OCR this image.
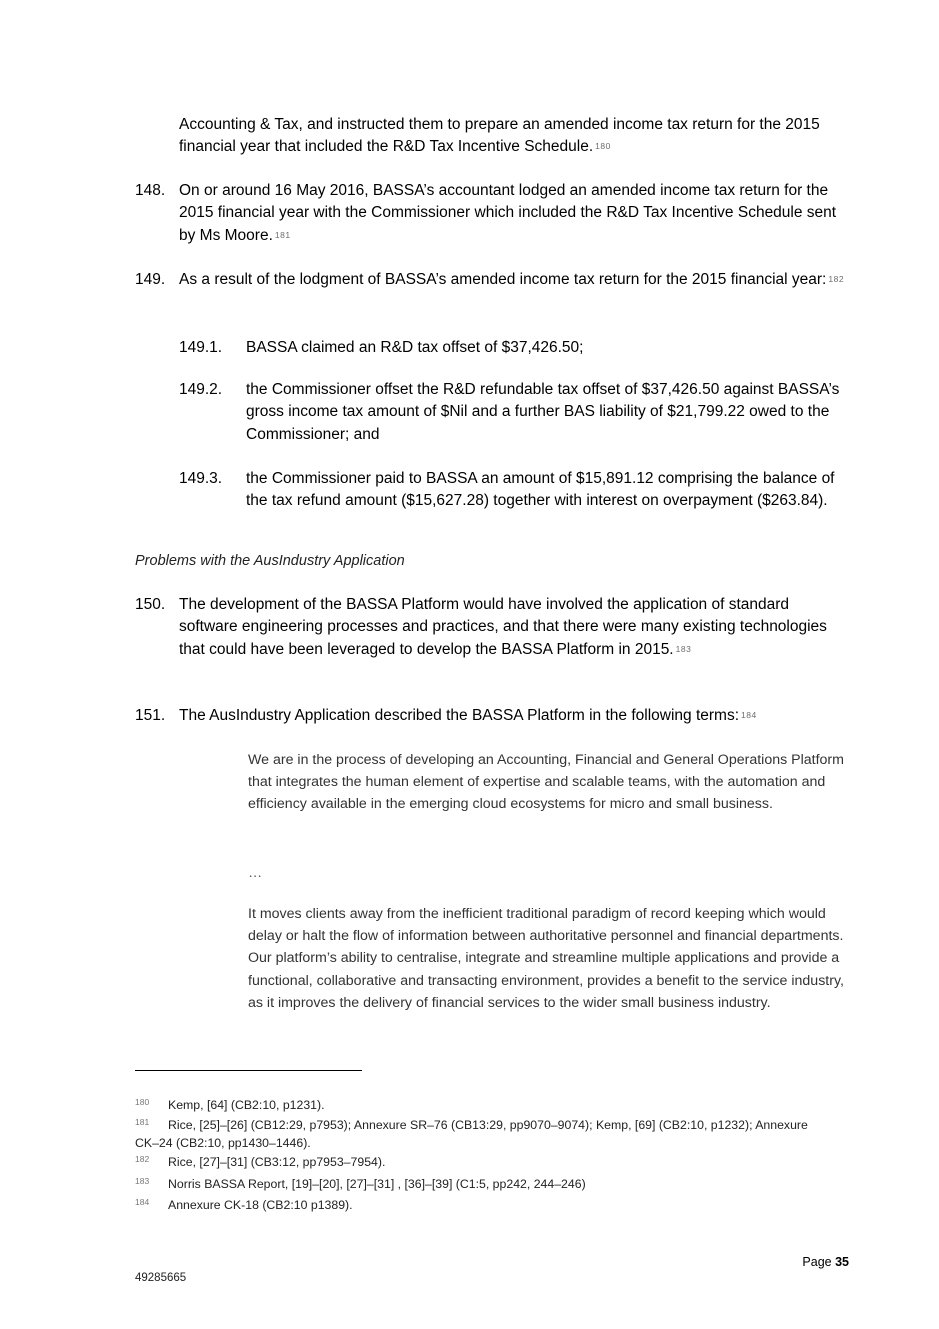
Accounting & Tax, and instructed them to prepare an amended income tax return for the 2015 financial year that included the R&D Tax Incentive Schedule. $^{180}$
148. On or around 16 May 2016, BASSA’s accountant lodged an amended income tax return for the 2015 financial year with the Commissioner which included the R&D Tax Incentive Schedule sent by Ms Moore. $^{181}$
149. As a result of the lodgment of BASSA’s amended income tax return for the 2015 financial year: $^{182}$
149.1. BASSA claimed an R&D tax offset of $37,426.50;
149.2. the Commissioner offset the R&D refundable tax offset of $37,426.50 against BASSA’s gross income tax amount of $Nil and a further BAS liability of $21,799.22 owed to the Commissioner; and
149.3. the Commissioner paid to BASSA an amount of $15,891.12 comprising the balance of the tax refund amount ($15,627.28) together with interest on overpayment ($263.84).
Problems with the AusIndustry Application
150. The development of the BASSA Platform would have involved the application of standard software engineering processes and practices, and that there were many existing technologies that could have been leveraged to develop the BASSA Platform in 2015. $^{183}$
151. The AusIndustry Application described the BASSA Platform in the following terms: $^{184}$
We are in the process of developing an Accounting, Financial and General Operations Platform that integrates the human element of expertise and scalable teams, with the automation and efficiency available in the emerging cloud ecosystems for micro and small business.
…
It moves clients away from the inefficient traditional paradigm of record keeping which would delay or halt the flow of information between authoritative personnel and financial departments. Our platform’s ability to centralise, integrate and streamline multiple applications and provide a functional, collaborative and transacting environment, provides a benefit to the service industry, as it improves the delivery of financial services to the wider small business industry.
180 Kemp, [64] (CB2:10, p1231).
181	Rice, [25]–[26] (CB12:29, p7953); Annexure SR–76 (CB13:29, pp9070–9074); Kemp, [69] (CB2:10, p1232); Annexure CK–24 (CB2:10, pp1430–1446).
182 Rice, [27]–[31] (CB3:12, pp7953–7954).
183 Norris BASSA Report, [19]–[20], [27]–[31] , [36]–[39] (C1:5, pp242, 244–246)
184 Annexure CK-18 (CB2:10 p1389).
Page 35
49285665
